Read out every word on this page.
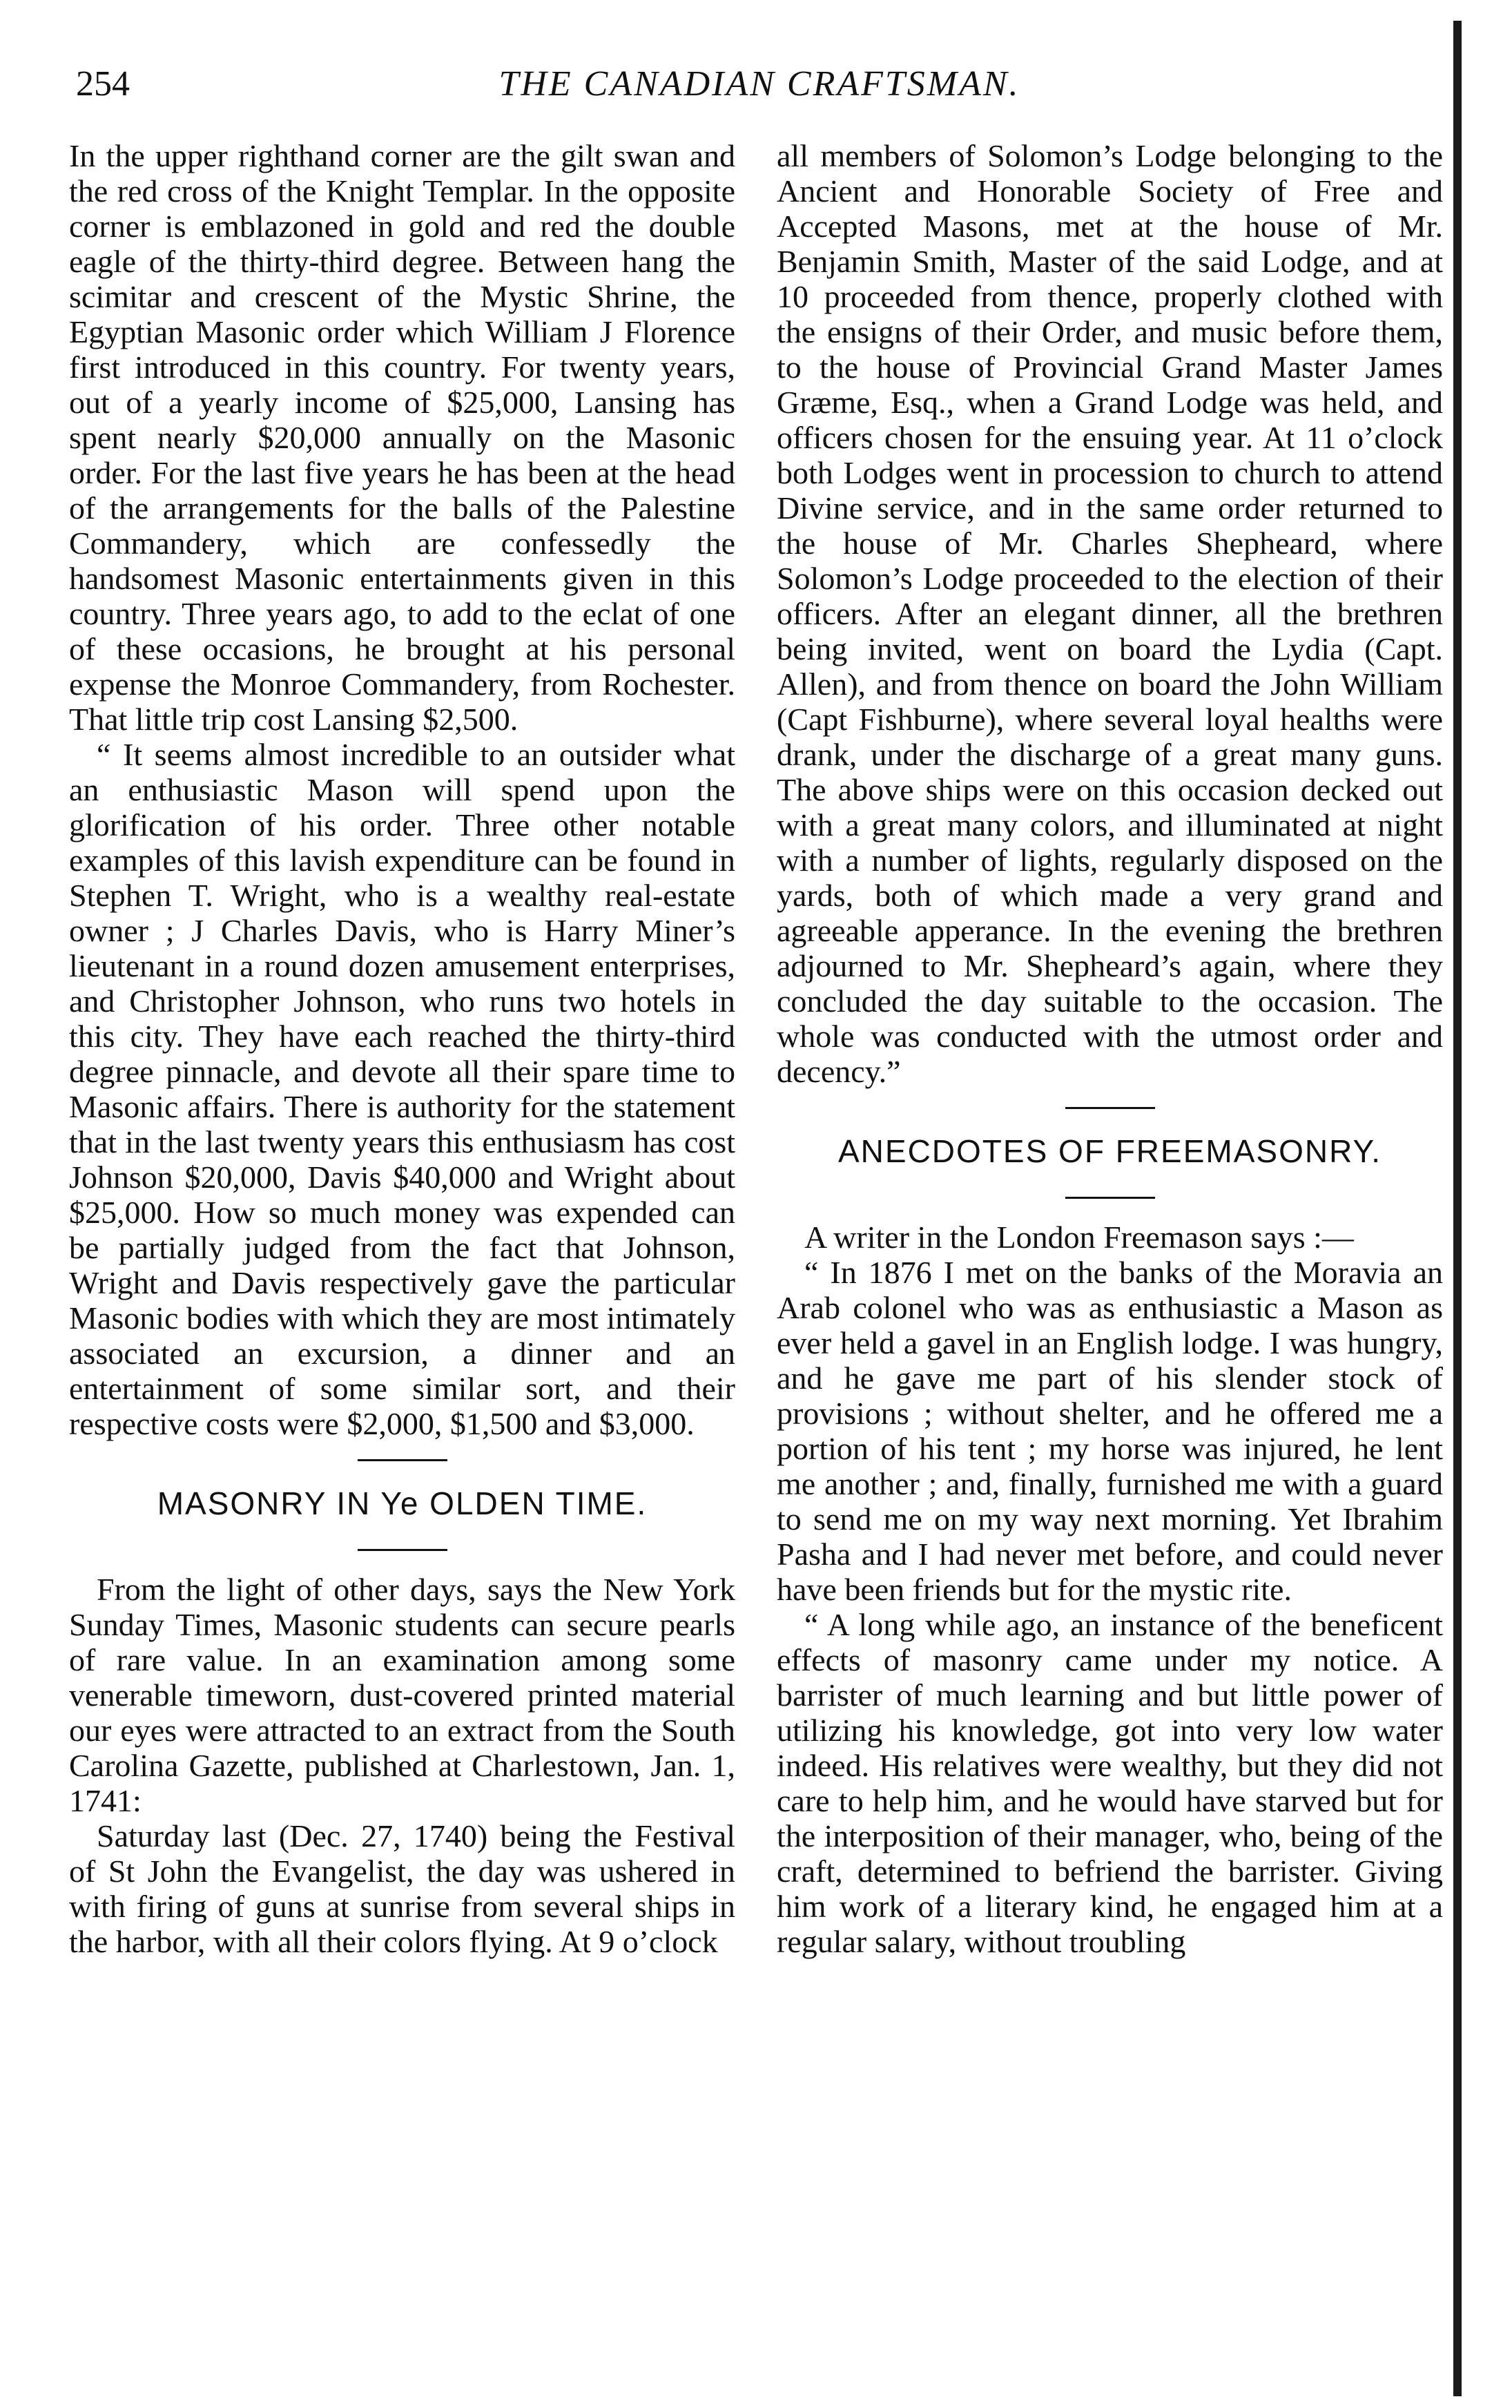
254	THE CANADIAN CRAFTSMAN.

In the upper righthand corner are the gilt swan and the red cross of the Knight Templar. In the opposite corner is emblazoned in gold and red the double eagle of the thirty-third degree. Between hang the scimitar and crescent of the Mystic Shrine, the Egyptian Masonic order which William J Florence first introduced in this country. For twenty years, out of a yearly income of $25,000, Lansing has spent nearly $20,000 annually on the Masonic order. For the last five years he has been at the head of the arrangements for the balls of the Palestine Commandery, which are confessedly the handsomest Masonic entertainments given in this country. Three years ago, to add to the eclat of one of these occasions, he brought at his personal expense the Monroe Commandery, from Rochester. That little trip cost Lansing $2,500.

“ It seems almost incredible to an outsider what an enthusiastic Mason will spend upon the glorification of his order. Three other notable examples of this lavish expenditure can be found in Stephen T. Wright, who is a wealthy real-estate owner ; J Charles Davis, who is Harry Miner’s lieutenant in a round dozen amusement enterprises, and Christopher Johnson, who runs two hotels in this city. They have each reached the thirty-third degree pinnacle, and devote all their spare time to Masonic affairs. There is authority for the statement that in the last twenty years this enthusiasm has cost Johnson $20,000, Davis $40,000 and Wright about $25,000. How so much money was expended can be partially judged from the fact that Johnson, Wright and Davis respectively gave the particular Masonic bodies with which they are most intimately associated an excursion, a dinner and an entertainment of some similar sort, and their respective costs were $2,000, $1,500 and $3,000.

MASONRY IN Ye OLDEN TIME.

From the light of other days, says the New York Sunday Times, Masonic students can secure pearls of rare value. In an examination among some venerable timeworn, dust-covered printed material our eyes were attracted to an extract from the South Carolina Gazette, published at Charlestown, Jan. 1, 1741:

Saturday last (Dec. 27, 1740) being the Festival of St John the Evangelist, the day was ushered in with firing of guns at sunrise from several ships in the harbor, with all their colors flying. At 9 o’clock

all members of Solomon’s Lodge belonging to the Ancient and Honorable Society of Free and Accepted Masons, met at the house of Mr. Benjamin Smith, Master of the said Lodge, and at 10 proceeded from thence, properly clothed with the ensigns of their Order, and music before them, to the house of Provincial Grand Master James Græme, Esq., when a Grand Lodge was held, and officers chosen for the ensuing year. At 11 o’clock both Lodges went in procession to church to attend Divine service, and in the same order returned to the house of Mr. Charles Shepheard, where Solomon’s Lodge proceeded to the election of their officers. After an elegant dinner, all the brethren being invited, went on board the Lydia (Capt. Allen), and from thence on board the John William (Capt Fishburne), where several loyal healths were drank, under the discharge of a great many guns. The above ships were on this occasion decked out with a great many colors, and illuminated at night with a number of lights, regularly disposed on the yards, both of which made a very grand and agreeable apperance. In the evening the brethren adjourned to Mr. Shepheard’s again, where they concluded the day suitable to the occasion. The whole was conducted with the utmost order and decency.”

ANECDOTES OF FREEMASONRY.

A writer in the London Freemason says :—

“ In 1876 I met on the banks of the Moravia an Arab colonel who was as enthusiastic a Mason as ever held a gavel in an English lodge. I was hungry, and he gave me part of his slender stock of provisions ; without shelter, and he offered me a portion of his tent ; my horse was injured, he lent me another ; and, finally, furnished me with a guard to send me on my way next morning. Yet Ibrahim Pasha and I had never met before, and could never have been friends but for the mystic rite.

“ A long while ago, an instance of the beneficent effects of masonry came under my notice. A barrister of much learning and but little power of utilizing his knowledge, got into very low water indeed. His relatives were wealthy, but they did not care to help him, and he would have starved but for the interposition of their manager, who, being of the craft, determined to befriend the barrister. Giving him work of a literary kind, he engaged him at a regular salary, without troubling
